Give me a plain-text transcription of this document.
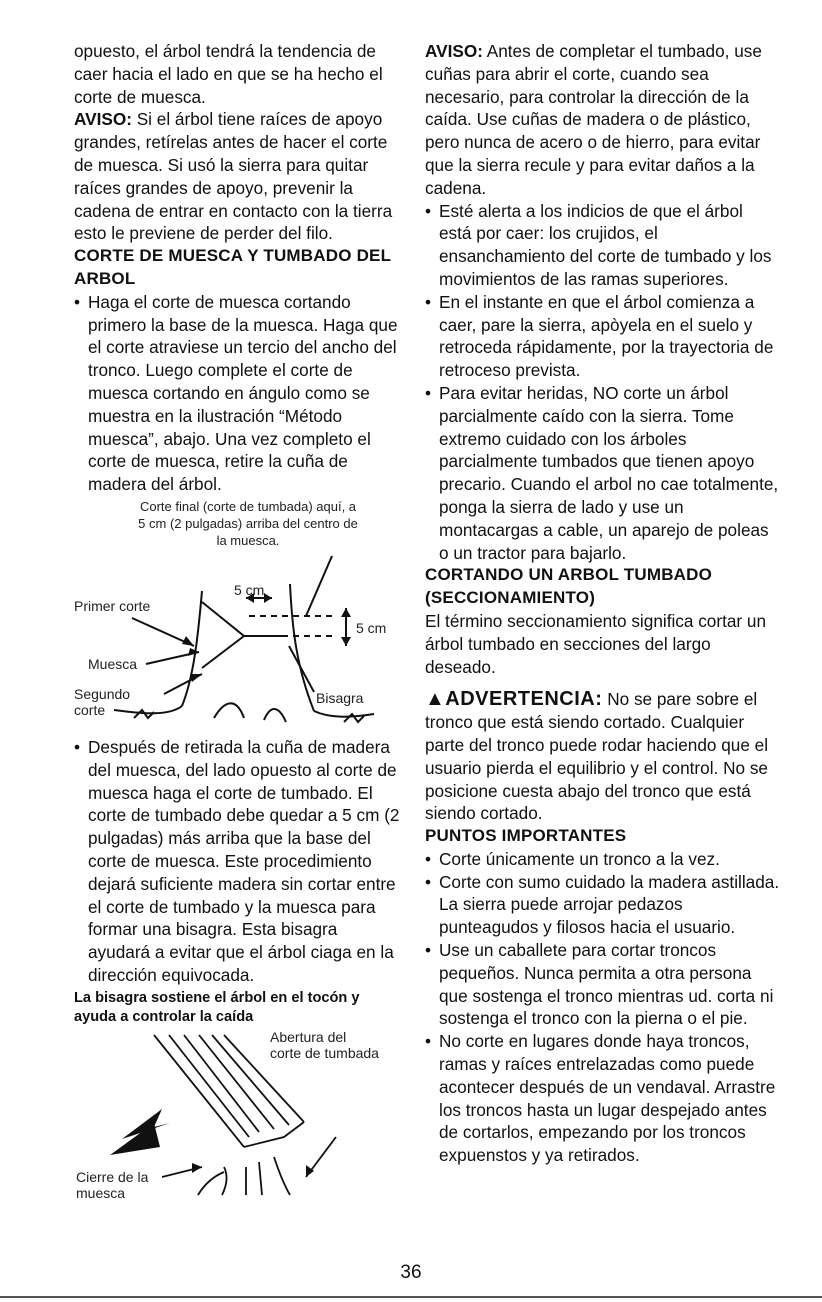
opuesto, el árbol tendrá la tendencia de caer hacia el lado en que se ha hecho el corte de muesca.

AVISO: Si el árbol tiene raíces de apoyo grandes, retírelas antes de hacer el corte de muesca. Si usó la sierra para quitar raíces grandes de apoyo, prevenir la cadena de entrar en contacto con la tierra esto le previene de perder del filo.

CORTE DE MUESCA Y TUMBADO DEL ARBOL

• Haga el corte de muesca cortando primero la base de la muesca. Haga que el corte atraviese un tercio del ancho del tronco. Luego complete el corte de muesca cortando en ángulo como se muestra en la ilustración “Método muesca”, abajo. Una vez completo el corte de muesca, retire la cuña de madera del árbol.
Corte final (corte de tumbada) aquí, a 5 cm (2 pulgadas) arriba del centro de la muesca.
Primer corte
5 cm
5 cm
Muesca
Segundo corte
Bisagra
• Después de retirada la cuña de madera del muesca, del lado opuesto al corte de muesca haga el corte de tumbado. El corte de tumbado debe quedar a 5 cm (2 pulgadas) más arriba que la base del corte de muesca. Este procedimiento dejará suficiente madera sin cortar entre el corte de tumbado y la muesca para formar una bisagra. Esta bisagra ayudará a evitar que el árbol ciaga en la dirección equivocada.

La bisagra sostiene el árbol en el tocón y ayuda a controlar la caída

Abertura del corte de tumbada
Cierre de la muesca

AVISO: Antes de completar el tumbado, use cuñas para abrir el corte, cuando sea necesario, para controlar la dirección de la caída. Use cuñas de madera o de plástico, pero nunca de acero o de hierro, para evitar que la sierra recule y para evitar daños a la cadena.

• Esté alerta a los indicios de que el árbol está por caer: los crujidos, el ensanchamiento del corte de tumbado y los movimientos de las ramas superiores.
• En el instante en que el árbol comienza a caer, pare la sierra, apòyela en el suelo y retroceda rápidamente, por la trayectoria de retroceso prevista.
• Para evitar heridas, NO corte un árbol parcialmente caído con la sierra. Tome extremo cuidado con los árboles parcialmente tumbados que tienen apoyo precario. Cuando el arbol no cae totalmente, ponga la sierra de lado y use un montacargas a cable, un aparejo de poleas o un tractor para bajarlo.

CORTANDO UN ARBOL TUMBADO (SECCIONAMIENTO)

El término seccionamiento significa cortar un árbol tumbado en secciones del largo deseado.

▲ADVERTENCIA: No se pare sobre el tronco que está siendo cortado. Cualquier parte del tronco puede rodar haciendo que el usuario pierda el equilibrio y el control. No se posicione cuesta abajo del tronco que está siendo cortado.

PUNTOS IMPORTANTES

• Corte únicamente un tronco a la vez.
• Corte con sumo cuidado la madera astillada. La sierra puede arrojar pedazos punteagudos y filosos hacia el usuario.
• Use un caballete para cortar troncos pequeños. Nunca permita a otra persona que sostenga el tronco mientras ud. corta ni sostenga el tronco con la pierna o el pie.
• No corte en lugares donde haya troncos, ramas y raíces entrelazadas como puede acontecer después de un vendaval. Arrastre los troncos hasta un lugar despejado antes de cortarlos, empezando por los troncos expuenstos y ya retirados.
36
